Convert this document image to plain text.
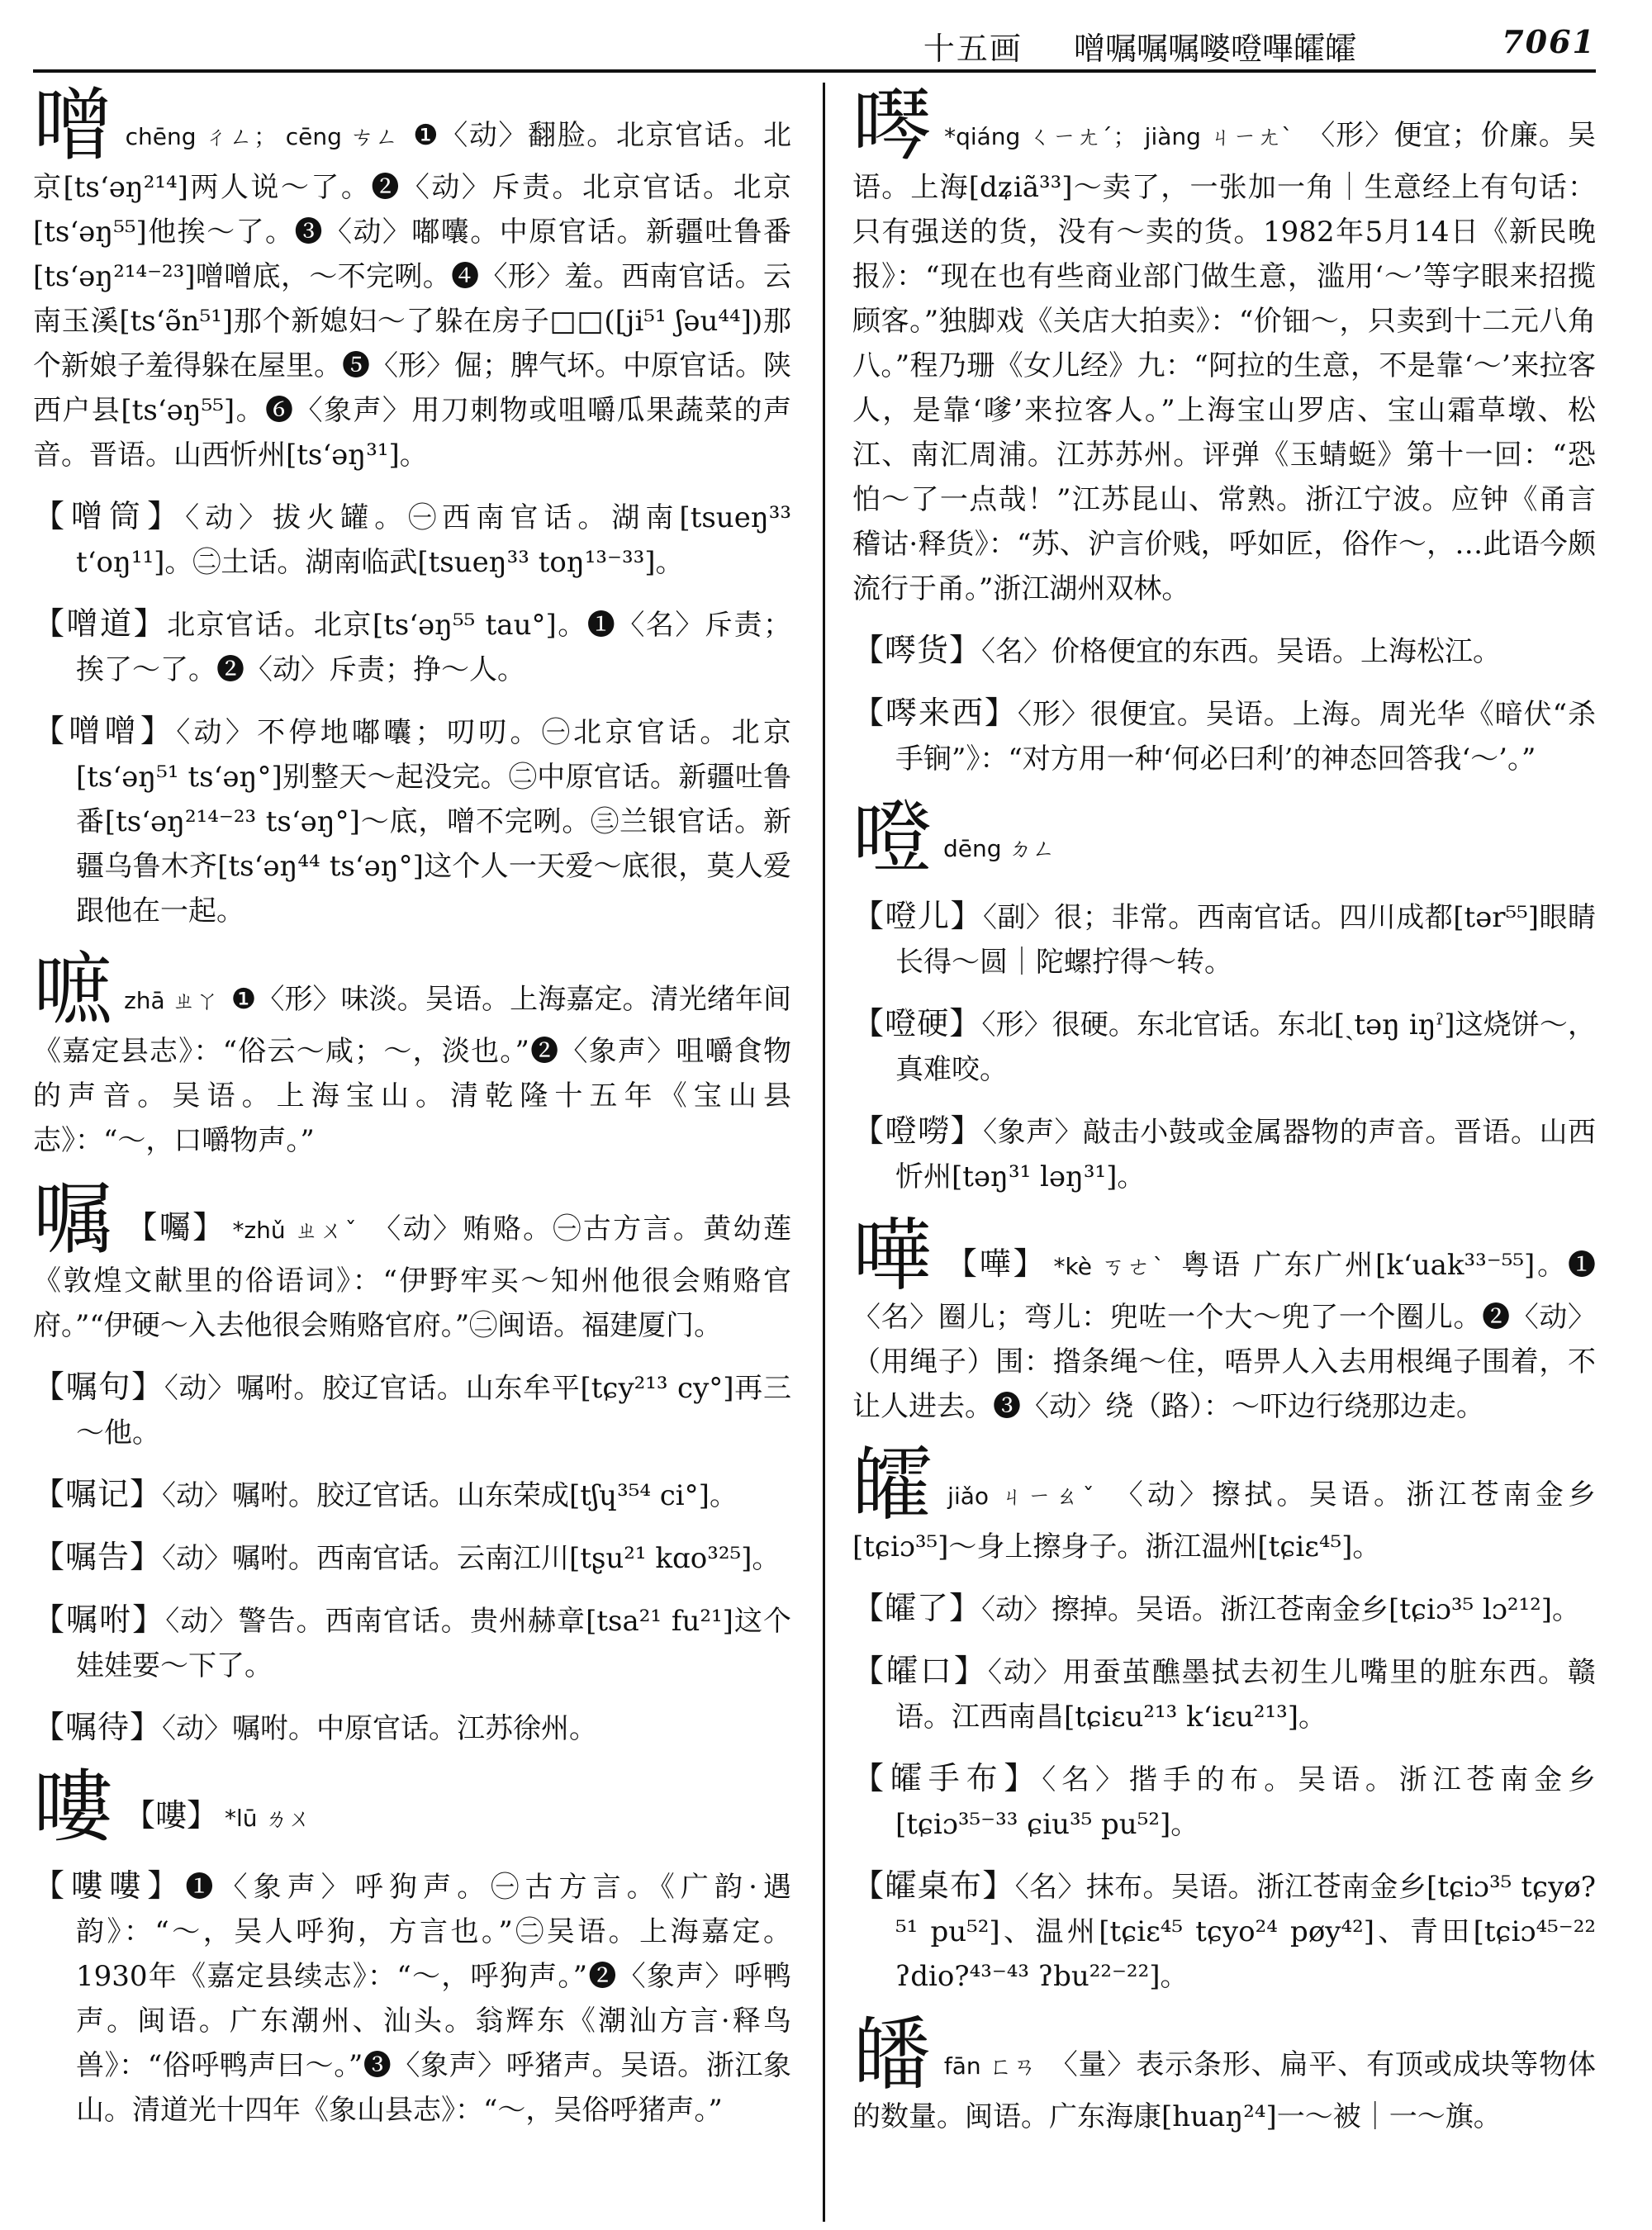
十五画 噌嘱嘱嘱嘙噔嗶皬皬	7061

噌chēng ㄔㄥ； cēng ㄘㄥ ❶〈动〉翻脸。北京官话。北京[tsʻəŋ²¹⁴]两人说～了。❷〈动〉斥责。北京官话。北京[tsʻəŋ⁵⁵]他挨～了。❸〈动〉嘟囔。中原官话。新疆吐鲁番[tsʻəŋ²¹⁴⁻²³]噌噌底，～不完咧。❹〈形〉羞。西南官话。云南玉溪[tsʻə̃n⁵¹]那个新媳妇～了躲在房子□□([ji⁵¹ ʃəu⁴⁴])那个新娘子羞得躲在屋里。❺〈形〉倔；脾气坏。中原官话。陕西户县[tsʻəŋ⁵⁵]。❻〈象声〉用刀刺物或咀嚼瓜果蔬菜的声音。晋语。山西忻州[tsʻəŋ³¹]。

【噌筒】〈动〉拔火罐。㊀西南官话。湖南[tsueŋ³³ tʻoŋ¹¹]。㊁土话。湖南临武[tsueŋ³³ toŋ¹³⁻³³]。

【噌道】北京官话。北京[tsʻəŋ⁵⁵ tau°]。❶〈名〉斥责；挨了～了。❷〈动〉斥责；挣～人。

【噌噌】〈动〉不停地嘟囔；叨叨。㊀北京官话。北京[tsʻəŋ⁵¹ tsʻəŋ°]别整天～起没完。㊁中原官话。新疆吐鲁番[tsʻəŋ²¹⁴⁻²³ tsʻəŋ°]～底，噌不完咧。㊂兰银官话。新疆乌鲁木齐[tsʻəŋ⁴⁴ tsʻəŋ°]这个人一天爱～底很，莫人爱跟他在一起。

嗻zhā ㄓㄚ ❶〈形〉味淡。吴语。上海嘉定。清光绪年间《嘉定县志》：“俗云～咸；～，淡也。”❷〈象声〉咀嚼食物的声音。吴语。上海宝山。清乾隆十五年《宝山县志》：“～，口嚼物声。”

嘱 【囑】 *zhǔ ㄓㄨˇ 〈动〉贿赂。㊀古方言。黄幼莲《敦煌文献里的俗语词》：“伊野牢买～知州他很会贿赂官府。”“伊硬～入去他很会贿赂官府。”㊁闽语。福建厦门。

【嘱句】〈动〉嘱咐。胶辽官话。山东牟平[tɕy²¹³ cy°]再三～他。

【嘱记】〈动〉嘱咐。胶辽官话。山东荣成[tʃɥ³⁵⁴ ci°]。

【嘱告】〈动〉嘱咐。西南官话。云南江川[tʂu²¹ kɑo³²⁵]。

【嘱咐】〈动〉警告。西南官话。贵州赫章[tsa²¹ fu²¹]这个娃娃要～下了。

【嘱待】〈动〉嘱咐。中原官话。江苏徐州。

嘍 【嘍】 *lū ㄌㄨ

【嘍嘍】❶〈象声〉呼狗声。㊀古方言。《广韵·遇韵》：“～，吴人呼狗，方言也。”㊁吴语。上海嘉定。1930年《嘉定县续志》：“～，呼狗声。”❷〈象声〉呼鸭声。闽语。广东潮州、汕头。翁辉东《潮汕方言·释鸟兽》：“俗呼鸭声曰～。”❸〈象声〉呼猪声。吴语。浙江象山。清道光十四年《象山县志》：“～，吴俗呼猪声。”

噖 *qiáng ㄑㄧㄤˊ； jiàng ㄐㄧㄤˋ 〈形〉便宜；价廉。吴语。上海[dʑiã³³]～卖了，一张加一角｜生意经上有句话：只有强送的货，没有～卖的货。1982年5月14日《新民晚报》：“现在也有些商业部门做生意，滥用‘～’等字眼来招揽顾客。”独脚戏《关店大拍卖》：“价钿～，只卖到十二元八角八。”程乃珊《女儿经》九：“阿拉的生意，不是靠‘～’来拉客人，是靠‘嗲’来拉客人。”上海宝山罗店、宝山霜草墩、松江、南汇周浦。江苏苏州。评弹《玉蜻蜓》第十一回：“恐怕～了一点哉！”江苏昆山、常熟。浙江宁波。应钟《甬言稽诂·释货》：“苏、沪言价贱，呼如匠，俗作～，…此语今颇流行于甬。”浙江湖州双林。

【噖货】〈名〉价格便宜的东西。吴语。上海松江。

【噖来西】〈形〉很便宜。吴语。上海。周光华《暗伏“杀手锏”》：“对方用一种‘何必曰利’的神态回答我‘～’。”

噔dēng ㄉㄥ

【噔儿】〈副〉很；非常。西南官话。四川成都[tər⁵⁵]眼睛长得～圆｜陀螺拧得～转。

【噔硬】〈形〉很硬。东北官话。东北[ˏtəŋ iŋˀ]这烧饼～，真难咬。

【噔嘮】〈象声〉敲击小鼓或金属器物的声音。晋语。山西忻州[təŋ³¹ ləŋ³¹]。

嘩 【嘩】 *kè ㄎㄜˋ 粤语 广东广州[kʻuak³³⁻⁵⁵]。❶〈名〉圈儿；弯儿：兜咗一个大～兜了一个圈儿。❷〈动〉（用绳子）围：揝条绳～住，唔畀人入去用根绳子围着，不让人进去。❸〈动〉绕（路）：～吓边行绕那边走。

皬jiǎo ㄐㄧㄠˇ 〈动〉擦拭。吴语。浙江苍南金乡[tɕiɔ³⁵]～身上擦身子。浙江温州[tɕiɛ⁴⁵]。

【皬了】〈动〉擦掉。吴语。浙江苍南金乡[tɕiɔ³⁵ lɔ²¹²]。

【皬口】〈动〉用蚕茧醮墨拭去初生儿嘴里的脏东西。赣语。江西南昌[tɕiɛu²¹³ kʻiɛu²¹³]。

【皬手布】〈名〉揩手的布。吴语。浙江苍南金乡[tɕiɔ³⁵⁻³³ ɕiu³⁵ pu⁵²]。

【皬桌布】〈名〉抹布。吴语。浙江苍南金乡[tɕiɔ³⁵ tɕyø?⁵¹ pu⁵²]、温州[tɕiɛ⁴⁵ tɕyo²⁴ pøy⁴²]、青田[tɕiɔ⁴⁵⁻²² ʔdio?⁴³⁻⁴³ ʔbu²²⁻²²]。

皤fān ㄈㄢ 〈量〉表示条形、扁平、有顶或成块等物体的数量。闽语。广东海康[huaŋ²⁴]一～被｜一～旗。
